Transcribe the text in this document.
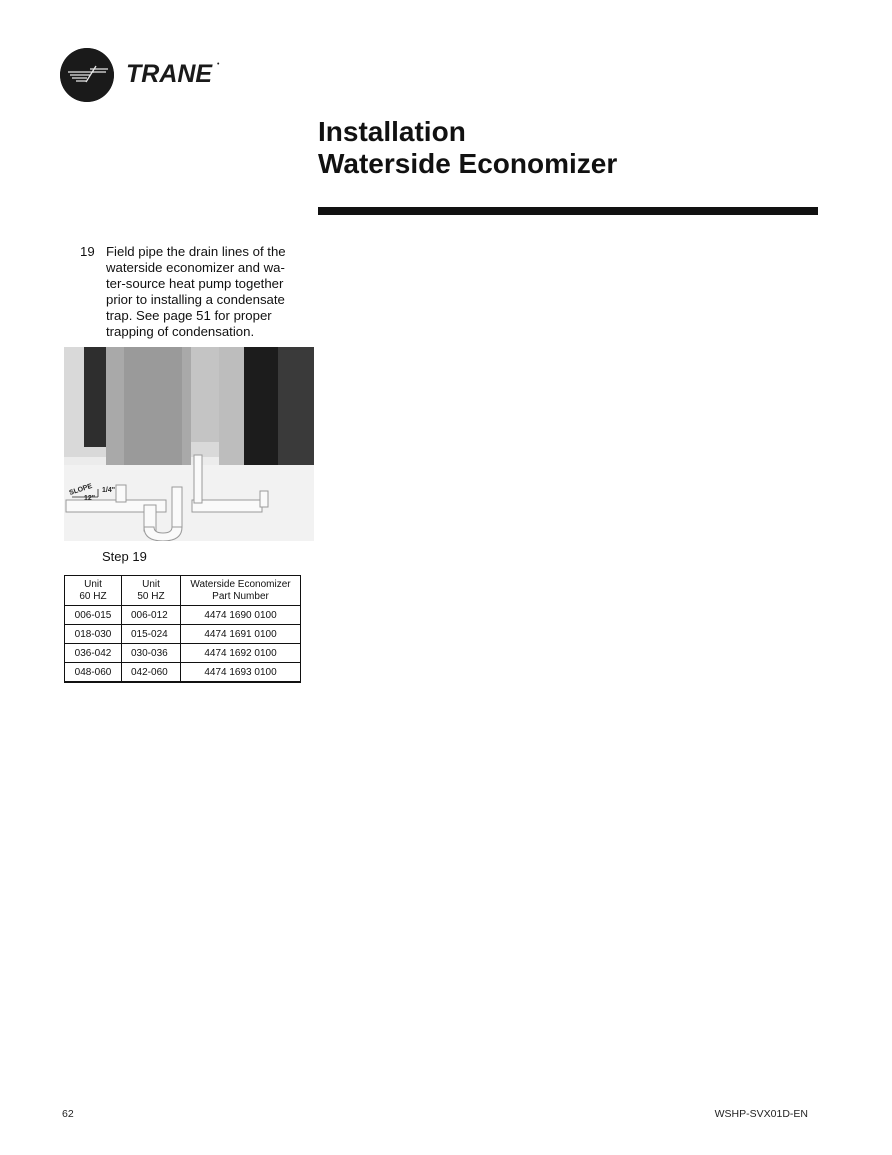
TRANE •
Installation
Waterside Economizer
19 Field pipe the drain lines of the

waterside economizer and wa-

ter-source heat pump together

prior to installing a condensate

trap. See page 51 for proper

trapping of condensation.

SLOPE
12"
1/4"
Step 19
Unit
60 HZ	Unit
50 HZ	Waterside Economizer
Part Number
006-015	006-012	4474 1690 0100
018-030	015-024	4474 1691 0100
036-042	030-036	4474 1692 0100
048-060	042-060	4474 1693 0100
62	WSHP-SVX01D-EN
